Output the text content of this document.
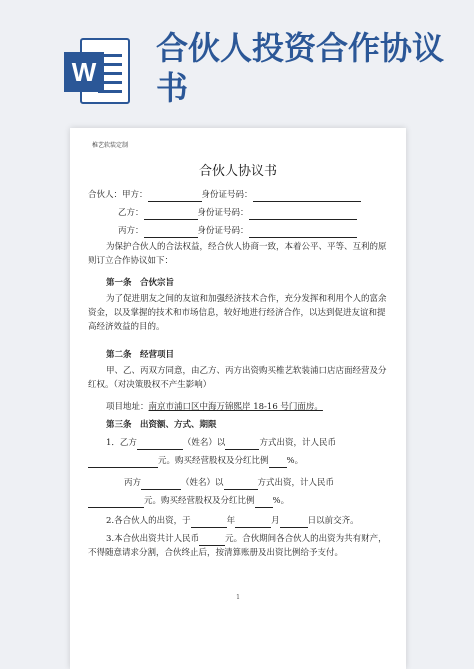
W
合伙人投资合作协议书
椎艺软装定制
合伙人协议书
合伙人：甲方：	身份证号码：
乙方：	身份证号码：
丙方：	身份证号码：
为保护合伙人的合法权益，经合伙人协商一致，本着公平、平等、互利的原则订立合作协议如下：
第一条　合伙宗旨
为了促进朋友之间的友谊和加强经济技术合作，充分发挥和利用个人的富余资金，以及掌握的技术和市场信息，较好地进行经济合作，以达到促进友谊和提高经济效益的目的。
第二条　经营项目
甲、乙、丙双方同意，由乙方、丙方出资购买椎艺软装浦口店店面经营及分红权。（对决策股权不产生影响）
项目地址：南京市浦口区中海万锦熙岸 18-16 号门面房。
第三条　出资额、方式、期限
1．乙方	（姓名）以	方式出资，计人民币
元。购买经营股权及分红比例 %。
丙方	（姓名）以	方式出资，计人民币
元。购买经营股权及分红比例 %。
2.各合伙人的出资，于	年	月	日以前交齐。
3.本合伙出资共计人民币	元。合伙期间各合伙人的出资为共有财产，不得随意请求分割，合伙终止后，按清算账册及出资比例给予支付。
1
